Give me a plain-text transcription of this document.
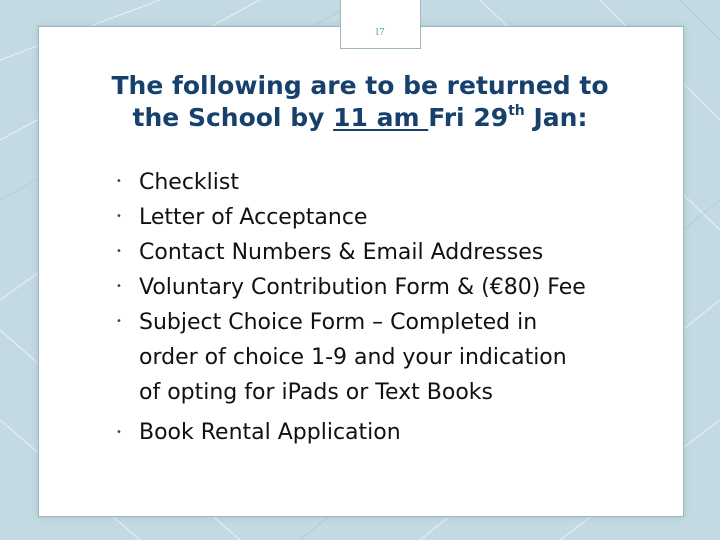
17
The following are to be returned to
the School by 11 am Fri 29th Jan:
• Checklist
• Letter of Acceptance
• Contact Numbers & Email Addresses
• Voluntary Contribution Form & (€80) Fee
• Subject Choice Form – Completed in
order of choice 1-9 and your indication
of opting for iPads or Text Books
• Book Rental Application
